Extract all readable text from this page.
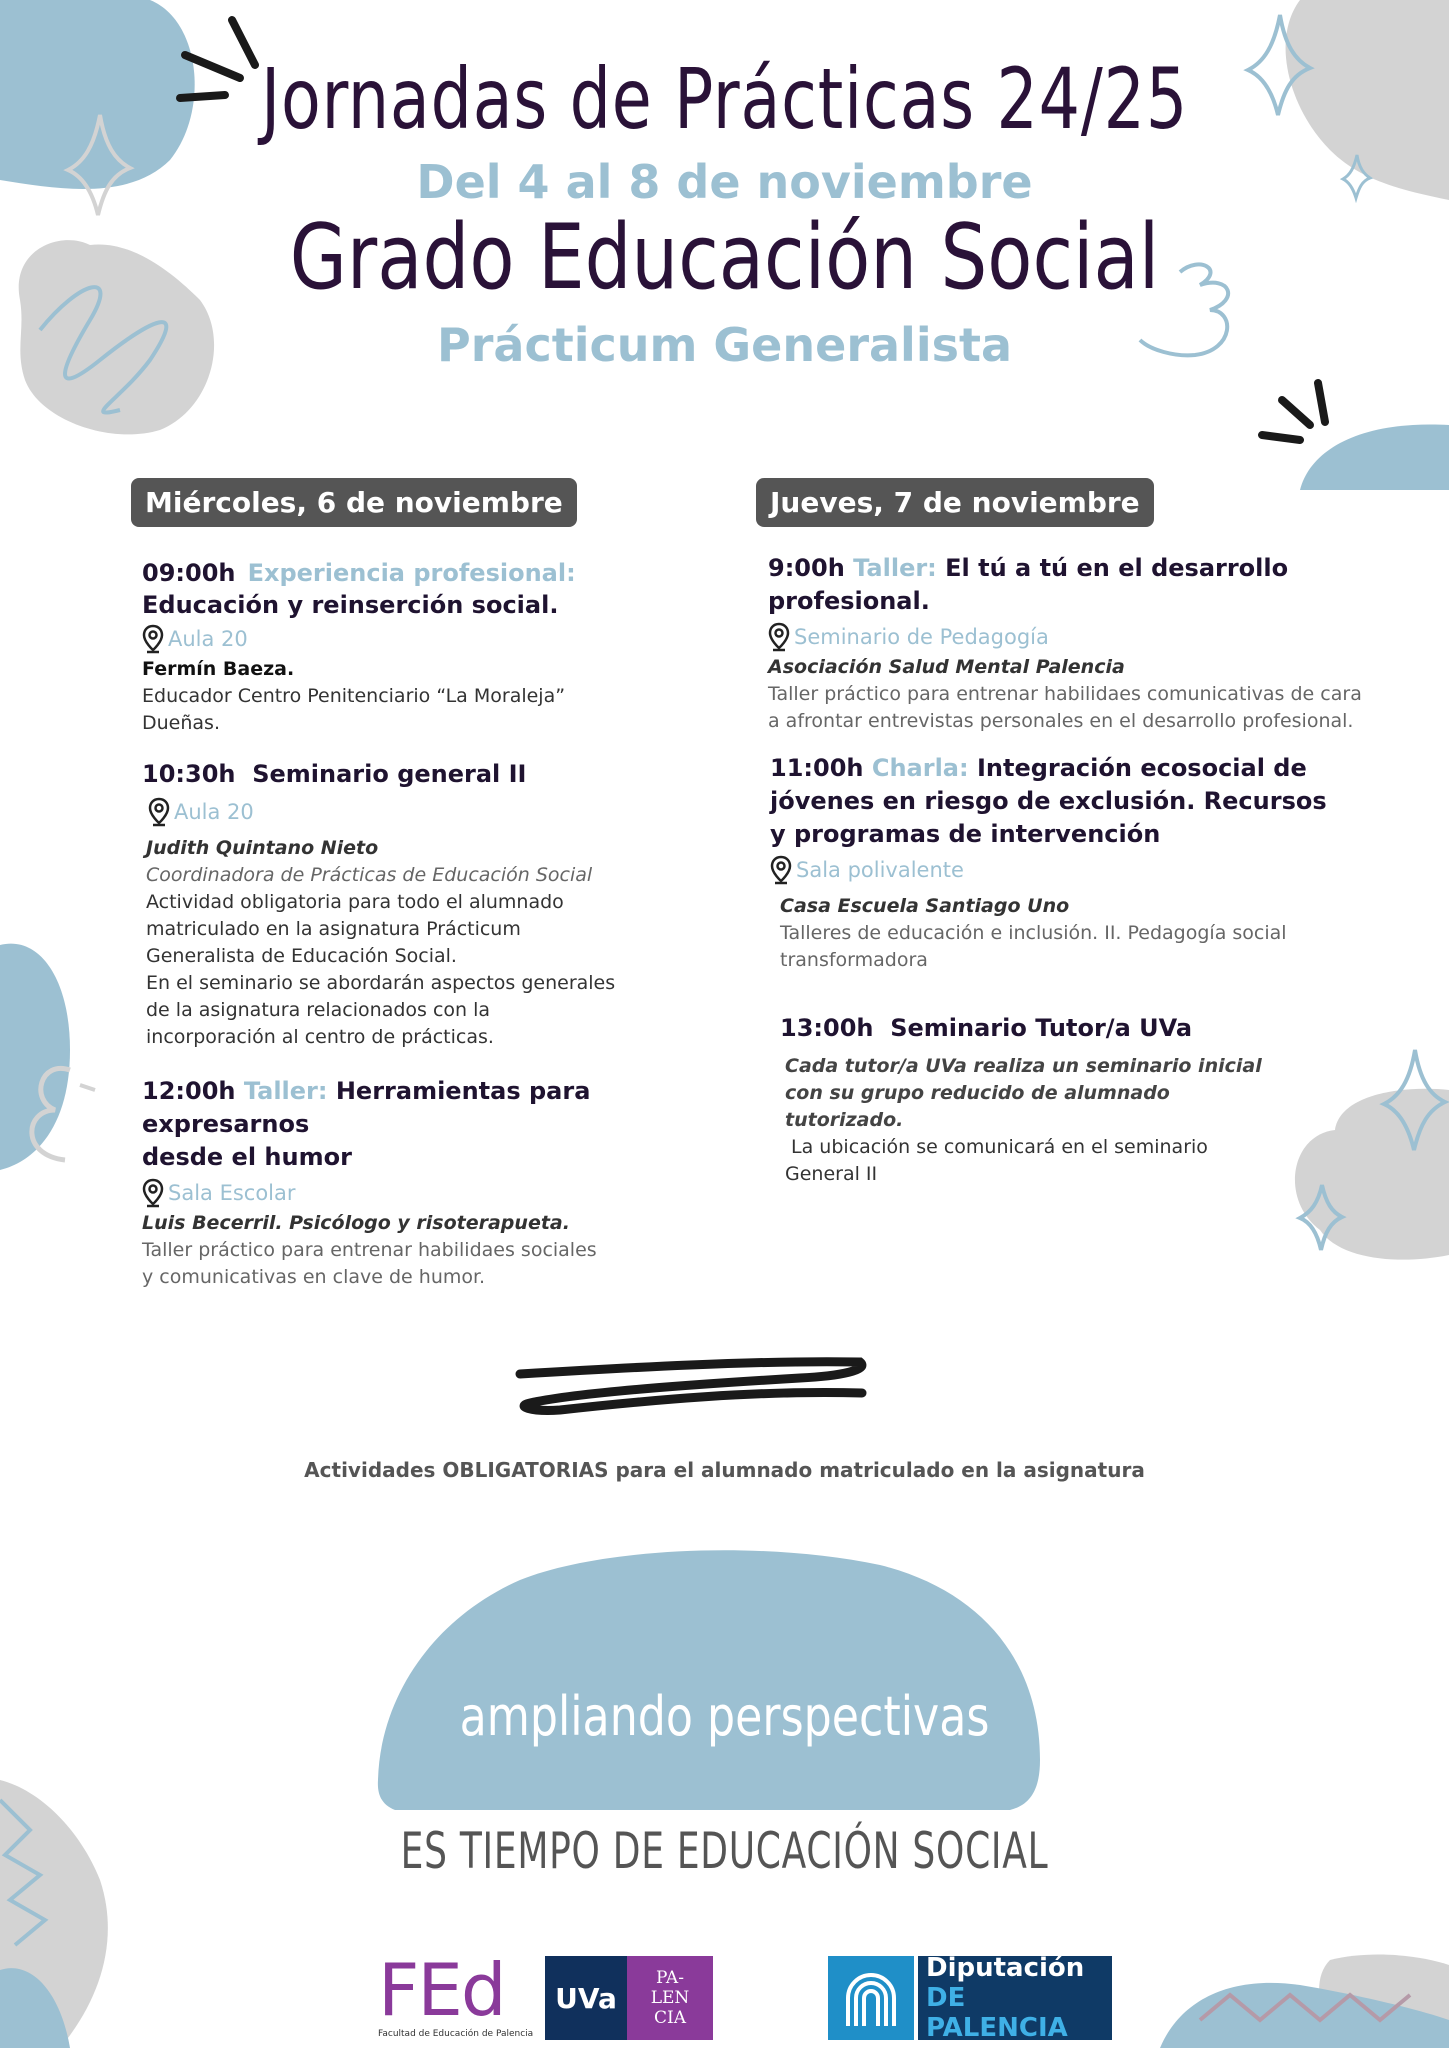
Jornadas de Prácticas 24/25
Del 4 al 8 de noviembre
Grado Educación Social
Prácticum Generalista
Miércoles, 6 de noviembre
09:00h Experiencia profesional:
Educación y reinserción social.
Aula 20
Fermín Baeza.
Educador Centro Penitenciario “La Moraleja”
Dueñas.
10:30h Seminario general II
Aula 20
Judith Quintano Nieto
Coordinadora de Prácticas de Educación Social
Actividad obligatoria para todo el alumnado
matriculado en la asignatura Prácticum
Generalista de Educación Social.
En el seminario se abordarán aspectos generales
de la asignatura relacionados con la
incorporación al centro de prácticas.
12:00h Taller: Herramientas para expresarnos
desde el humor
Sala Escolar
Luis Becerril. Psicólogo y risoterapueta.
Taller práctico para entrenar habilidaes sociales
y comunicativas en clave de humor.
Jueves, 7 de noviembre
9:00h Taller: El tú a tú en el desarrollo
profesional.
Seminario de Pedagogía
Asociación Salud Mental Palencia
Taller práctico para entrenar habilidaes comunicativas de cara
a afrontar entrevistas personales en el desarrollo profesional.
11:00h Charla: Integración ecosocial de
jóvenes en riesgo de exclusión. Recursos
y programas de intervención
Sala polivalente
Casa Escuela Santiago Uno
Talleres de educación e inclusión. II. Pedagogía social
transformadora
13:00h Seminario Tutor/a UVa
Cada tutor/a UVa realiza un seminario inicial
con su grupo reducido de alumnado
tutorizado.
La ubicación se comunicará en el seminario
General II
Actividades OBLIGATORIAS para el alumnado matriculado en la asignatura
ampliando perspectivas
ES TIEMPO DE EDUCACIÓN SOCIAL
FEd
Facultad de Educación de Palencia
UVa
PA-
LEN
CIA
Diputación
DE PALENCIA
